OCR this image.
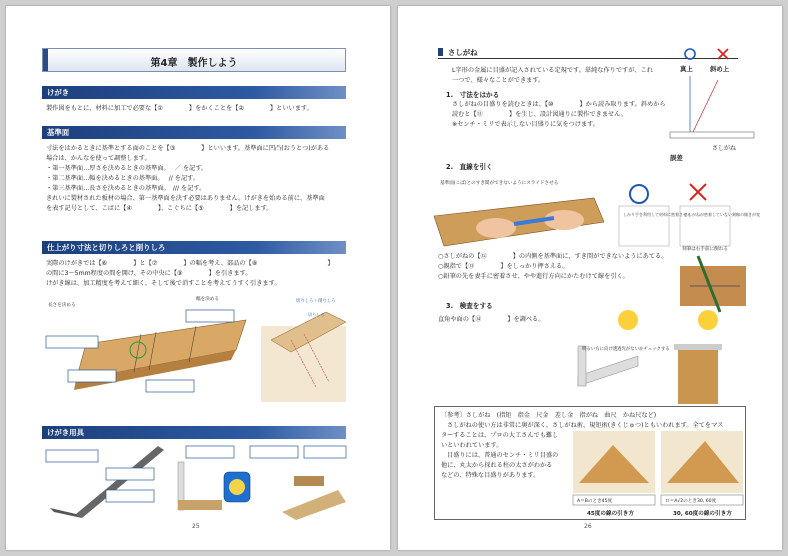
第4章　製作しよう
けがき
製作図をもとに、材料に加工で必要な【①	】をかくことを【②	】といいます。
基準面
寸法をはかるときに基準とする面のことを【③	】といいます。基準面に凹凸(おうとつ)がある
場合は、かんなを使って調整します。
・第一基準面…厚さを決めるときの基準面。　 ／ を記す。
・第二基準面…幅を決めるときの基準面。　 // を記す。
・第三基準面…長さを決めるときの基準面。　/// を記す。
きれいに製材された板材の場合、第一基準面を決す必要はありません。けがきを始める前に、基準面
を表す記号として、こばに【④	】、こぐちに【⑤	】を記します。
仕上がり寸法と切りしろと削りしろ
実際のけがきでは【⑥	】と【⑦	】の幅を考え、部品の【⑧	】
の間に3～5mm程度の間を開け、その中央に【⑨	】を引きます。
けがき線は、加工精度を考えて細く、そして後で消すことを考えてうすく引きます。
長さを決める
幅を決める	切りしろ＋削りしろ
切りしろ
けがき用具
25
さしがね
L字形の金属に目盛が記入されている定規です。単純な作りですが、これ
一つで、様々なことができます。
真上	斜め上
誤差
さしがね
1.　寸法をはかる
さしがねの目盛りを読むときは、【⑩	】から読み取ります。斜めから
読むと【⑪	】を生じ、設計図通りに製作できません。
※センチ・ミリで表示しない目盛りに気をつけます。
2.　直線を引く
基準面(こば)とのすき間ができないようにスライドさせる
しかり手を利用して材料に密着させる
さしがねが密着していない刻線の傾きが変
○さしがねの【⑫	】の内側を基準面に、すき間ができないようにあてる。
○親指で【⑬	】をしっかり押さえる。
○鉛筆の先を妻手に密着させ、やや進行方向にかたむけて線を引く。
刻筆は右手前に倒れる
3.　検査をする
直角や面の【⑭	】を調べる。
明るい方に向け透過光がないかチェックする
〔参考〕さしがね　(指矩　指金　尺金　差し金　指がね　曲尺　かね尺など)
さしがねの使い方は非常に奥が深く、さしがね術、規矩術(きくじゅつ)ともいわれます。全てをマス
ターすることは、プロの大工さんでも難し
いといわれています。
目盛りには、普通のセンチ・ミリ目盛の
他に、丸太から採れる柱の太さがわかる
などの、特殊な目盛りがあります。
A＝Bのとき45度	ロ＝A√2のとき30, 60度
45度の線の引き方	30, 60度の線の引き方
26
